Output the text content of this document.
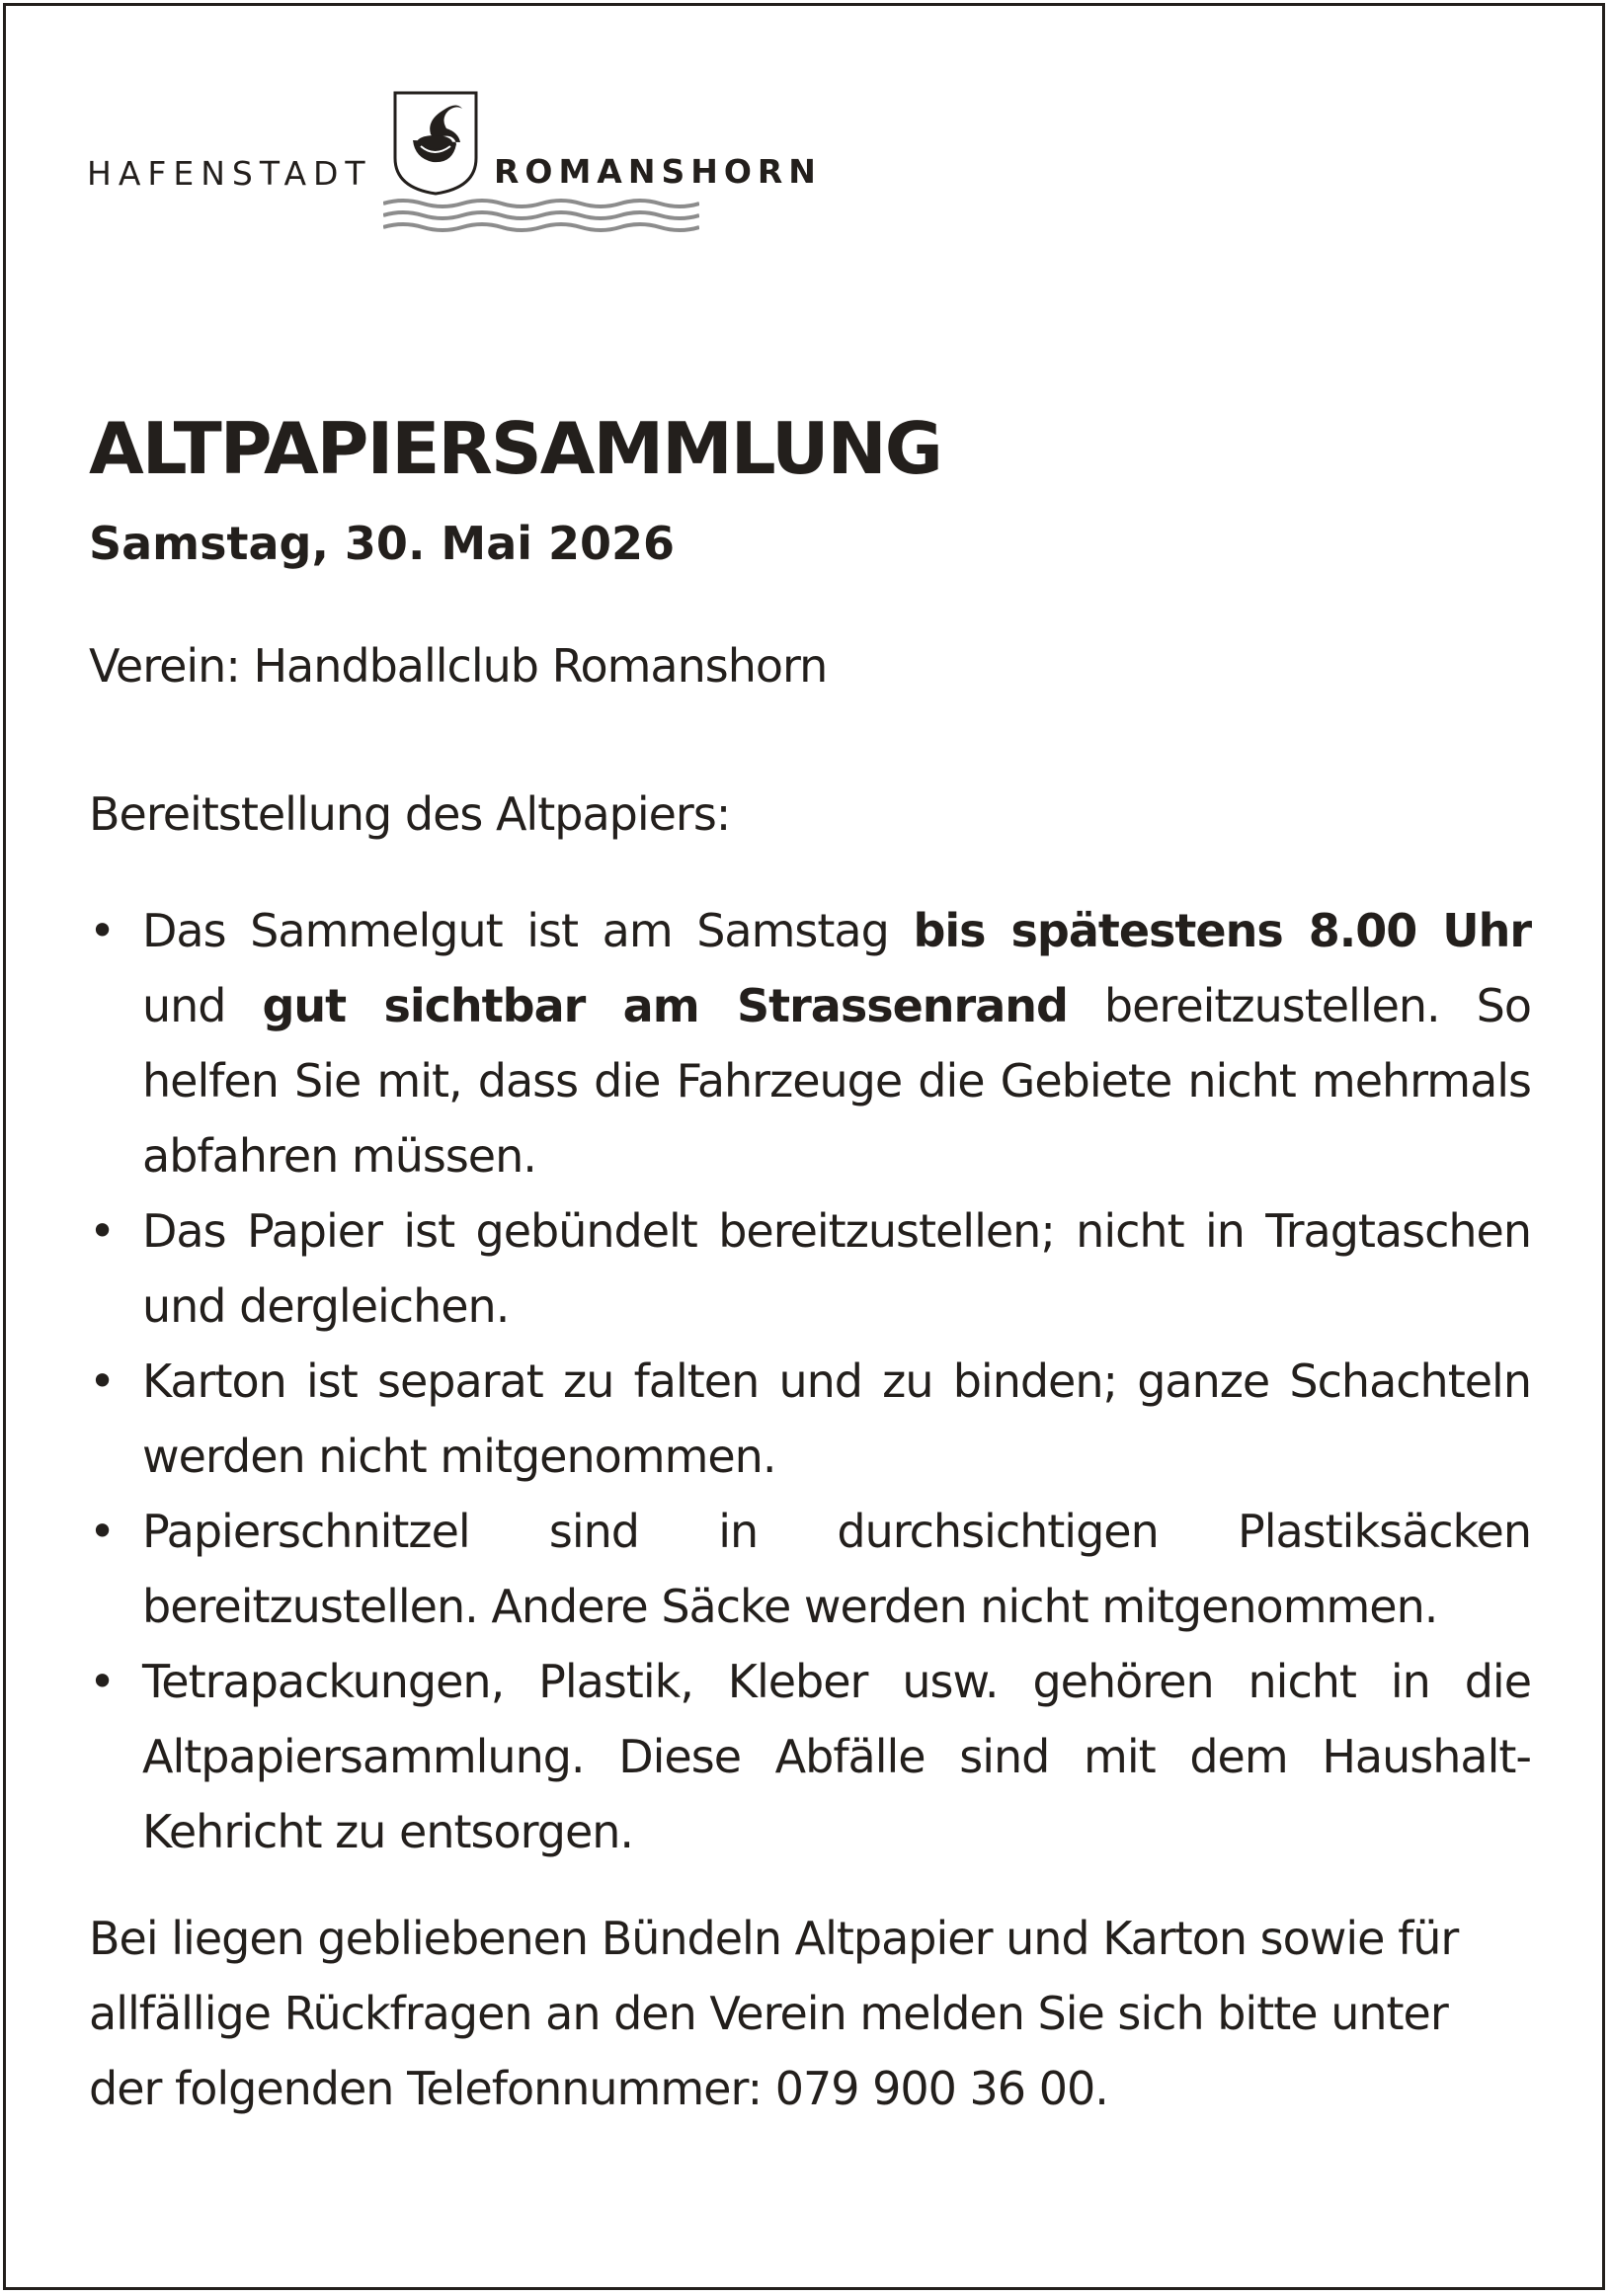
HAFENSTADT	ROMANSHORN
ALTPAPIERSAMMLUNG
Samstag, 30. Mai 2026

Verein: Handballclub Romanshorn

Bereitstellung des Altpapiers:

• Das Sammelgut ist am Samstag bis spätestens 8.00 Uhr und gut sichtbar am Strassenrand bereitzustellen. So helfen Sie mit, dass die Fahrzeuge die Gebiete nicht mehrmals abfahren müssen.
• Das Papier ist gebündelt bereitzustellen; nicht in Tragtaschen und dergleichen.
• Karton ist separat zu falten und zu binden; ganze Schachteln werden nicht mitgenommen.
• Papierschnitzel sind in durchsichtigen Plastiksäcken bereitzustellen. Andere Säcke werden nicht mitgenommen.
• Tetrapackungen, Plastik, Kleber usw. gehören nicht in die Altpapiersammlung. Diese Abfälle sind mit dem Haushalt-Kehricht zu entsorgen.

Bei liegen gebliebenen Bündeln Altpapier und Karton sowie für allfällige Rückfragen an den Verein melden Sie sich bitte unter der folgenden Telefonnummer: 079 900 36 00.
